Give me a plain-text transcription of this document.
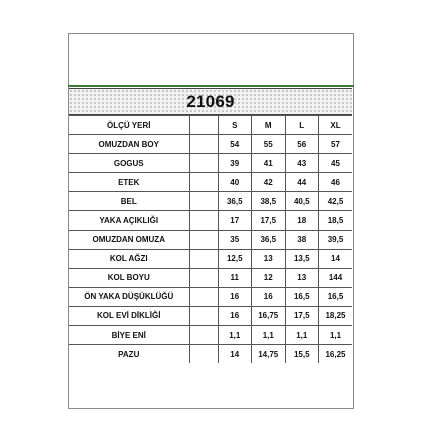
21069
ÖLÇÜ YERİ		S	M	L	XL
OMUZDAN BOY		54	55	56	57
GOGUS		39	41	43	45
ETEK		40	42	44	46
BEL		36,5	38,5	40,5	42,5
YAKA AÇIKLIĞI		17	17,5	18	18,5
OMUZDAN OMUZA		35	36,5	38	39,5
KOL AĞZI		12,5	13	13,5	14
KOL BOYU		11	12	13	144
ÖN YAKA DÜŞÜKLÜĞÜ		16	16	16,5	16,5
KOL EVİ DİKLİĞİ		16	16,75	17,5	18,25
BİYE ENİ		1,1	1,1	1,1	1,1
PAZU		14	14,75	15,5	16,25
